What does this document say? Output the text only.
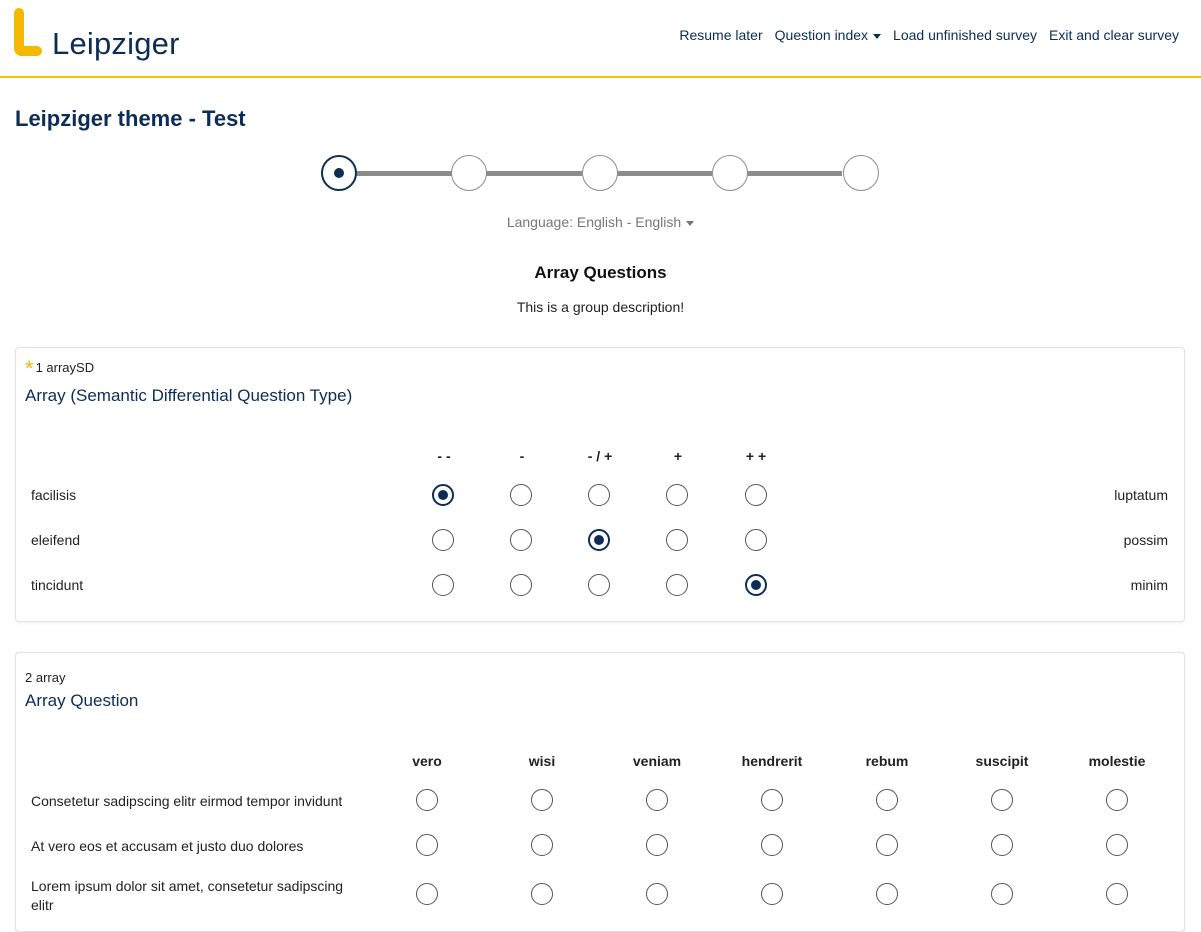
Leipziger	Resume later Question index	Load unfinished survey Exit and clear survey
Leipziger theme - Test
Language: English - English
Array Questions
This is a group description!
* 1 arraySD
Array (Semantic Differential Question Type)
- -	-	- / +	+	+ +
facilisis	luptatum
eleifend	possim
tincidunt	minim
2 array
Array Question
vero	wisi	veniam	hendrerit	rebum	suscipit	molestie
Consetetur sadipscing elitr eirmod tempor invidunt
At vero eos et accusam et justo duo dolores
Lorem ipsum dolor sit amet, consetetur sadipscing elitr
